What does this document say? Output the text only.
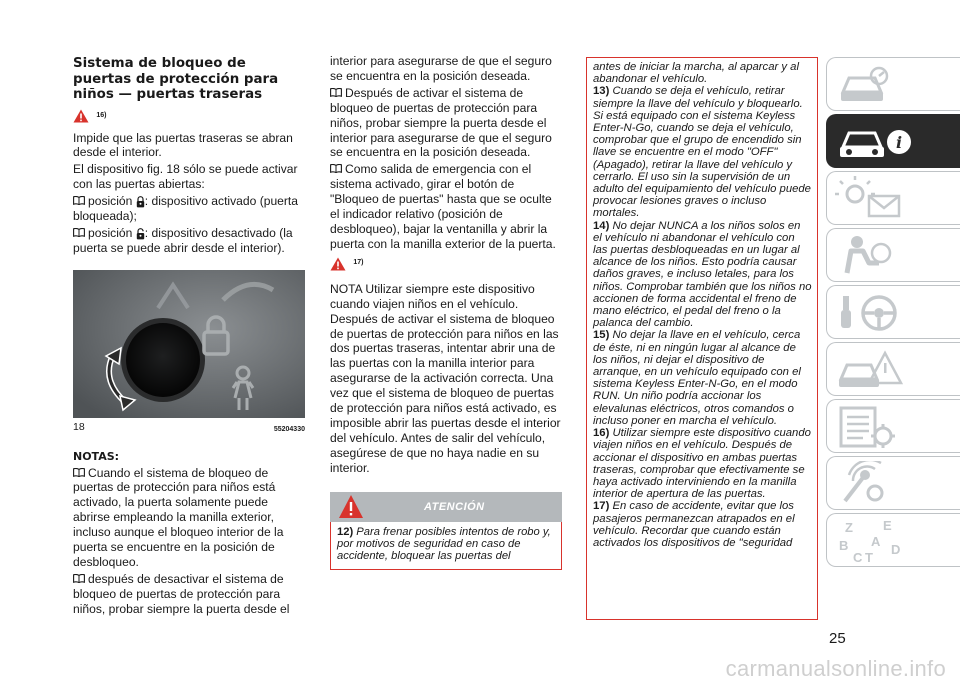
Sistema de bloqueo de puertas de protección para niños — puertas traseras
$^{16)}$

Impide que las puertas traseras se abran desde el interior.

El dispositivo fig. 18 sólo se puede activar con las puertas abiertas:

posición : dispositivo activado (puerta bloqueada);

posición : dispositivo desactivado (la puerta se puede abrir desde el interior).

18	55204330
NOTAS:

Cuando el sistema de bloqueo de puertas de protección para niños está activado, la puerta solamente puede abrirse empleando la manilla exterior, incluso aunque el bloqueo interior de la puerta se encuentre en la posición de desbloqueo.

después de desactivar el sistema de bloqueo de puertas de protección para niños, probar siempre la puerta desde el

interior para asegurarse de que el seguro se encuentra en la posición deseada.

Después de activar el sistema de bloqueo de puertas de protección para niños, probar siempre la puerta desde el interior para asegurarse de que el seguro se encuentra en la posición deseada.

Como salida de emergencia con el sistema activado, girar el botón de "Bloqueo de puertas" hasta que se oculte el indicador relativo (posición de desbloqueo), bajar la ventanilla y abrir la puerta con la manilla exterior de la puerta.

$^{17)}$

NOTA Utilizar siempre este dispositivo cuando viajen niños en el vehículo. Después de activar el sistema de bloqueo de puertas de protección para niños en las dos puertas traseras, intentar abrir una de las puertas con la manilla interior para asegurarse de la activación correcta. Una vez que el sistema de bloqueo de puertas de protección para niños está activado, es imposible abrir las puertas desde el interior del vehículo. Antes de salir del vehículo, asegúrese de que no haya nadie en su interior.

ATENCIÓN
12) Para frenar posibles intentos de robo y, por motivos de seguridad en caso de accidente, bloquear las puertas del

antes de iniciar la marcha, al aparcar y al abandonar el vehículo.

13) Cuando se deja el vehículo, retirar siempre la llave del vehículo y bloquearlo. Si está equipado con el sistema Keyless Enter-N-Go, cuando se deja el vehículo, comprobar que el grupo de encendido sin llave se encuentre en el modo "OFF" (Apagado), retirar la llave del vehículo y cerrarlo. El uso sin la supervisión de un adulto del equipamiento del vehículo puede provocar lesiones graves o incluso mortales.

14) No dejar NUNCA a los niños solos en el vehículo ni abandonar el vehículo con las puertas desbloqueadas en un lugar al alcance de los niños. Esto podría causar daños graves, e incluso letales, para los niños. Comprobar también que los niños no accionen de forma accidental el freno de mano eléctrico, el pedal del freno o la palanca del cambio.

15) No dejar la llave en el vehículo, cerca de éste, ni en ningún lugar al alcance de los niños, ni dejar el dispositivo de arranque, en un vehículo equipado con el sistema Keyless Enter-N-Go, en el modo RUN. Un niño podría accionar los elevalunas eléctricos, otros comandos o incluso poner en marcha el vehículo.

16) Utilizar siempre este dispositivo cuando viajen niños en el vehículo. Después de accionar el dispositivo en ambas puertas traseras, comprobar que efectivamente se haya activado interviniendo en la manilla interior de apertura de las puertas.

17) En caso de accidente, evitar que los pasajeros permanezcan atrapados en el vehículo. Recordar que cuando están activados los dispositivos de "seguridad

i
Z E
B A
C T
D
25
carmanualsonline.info
